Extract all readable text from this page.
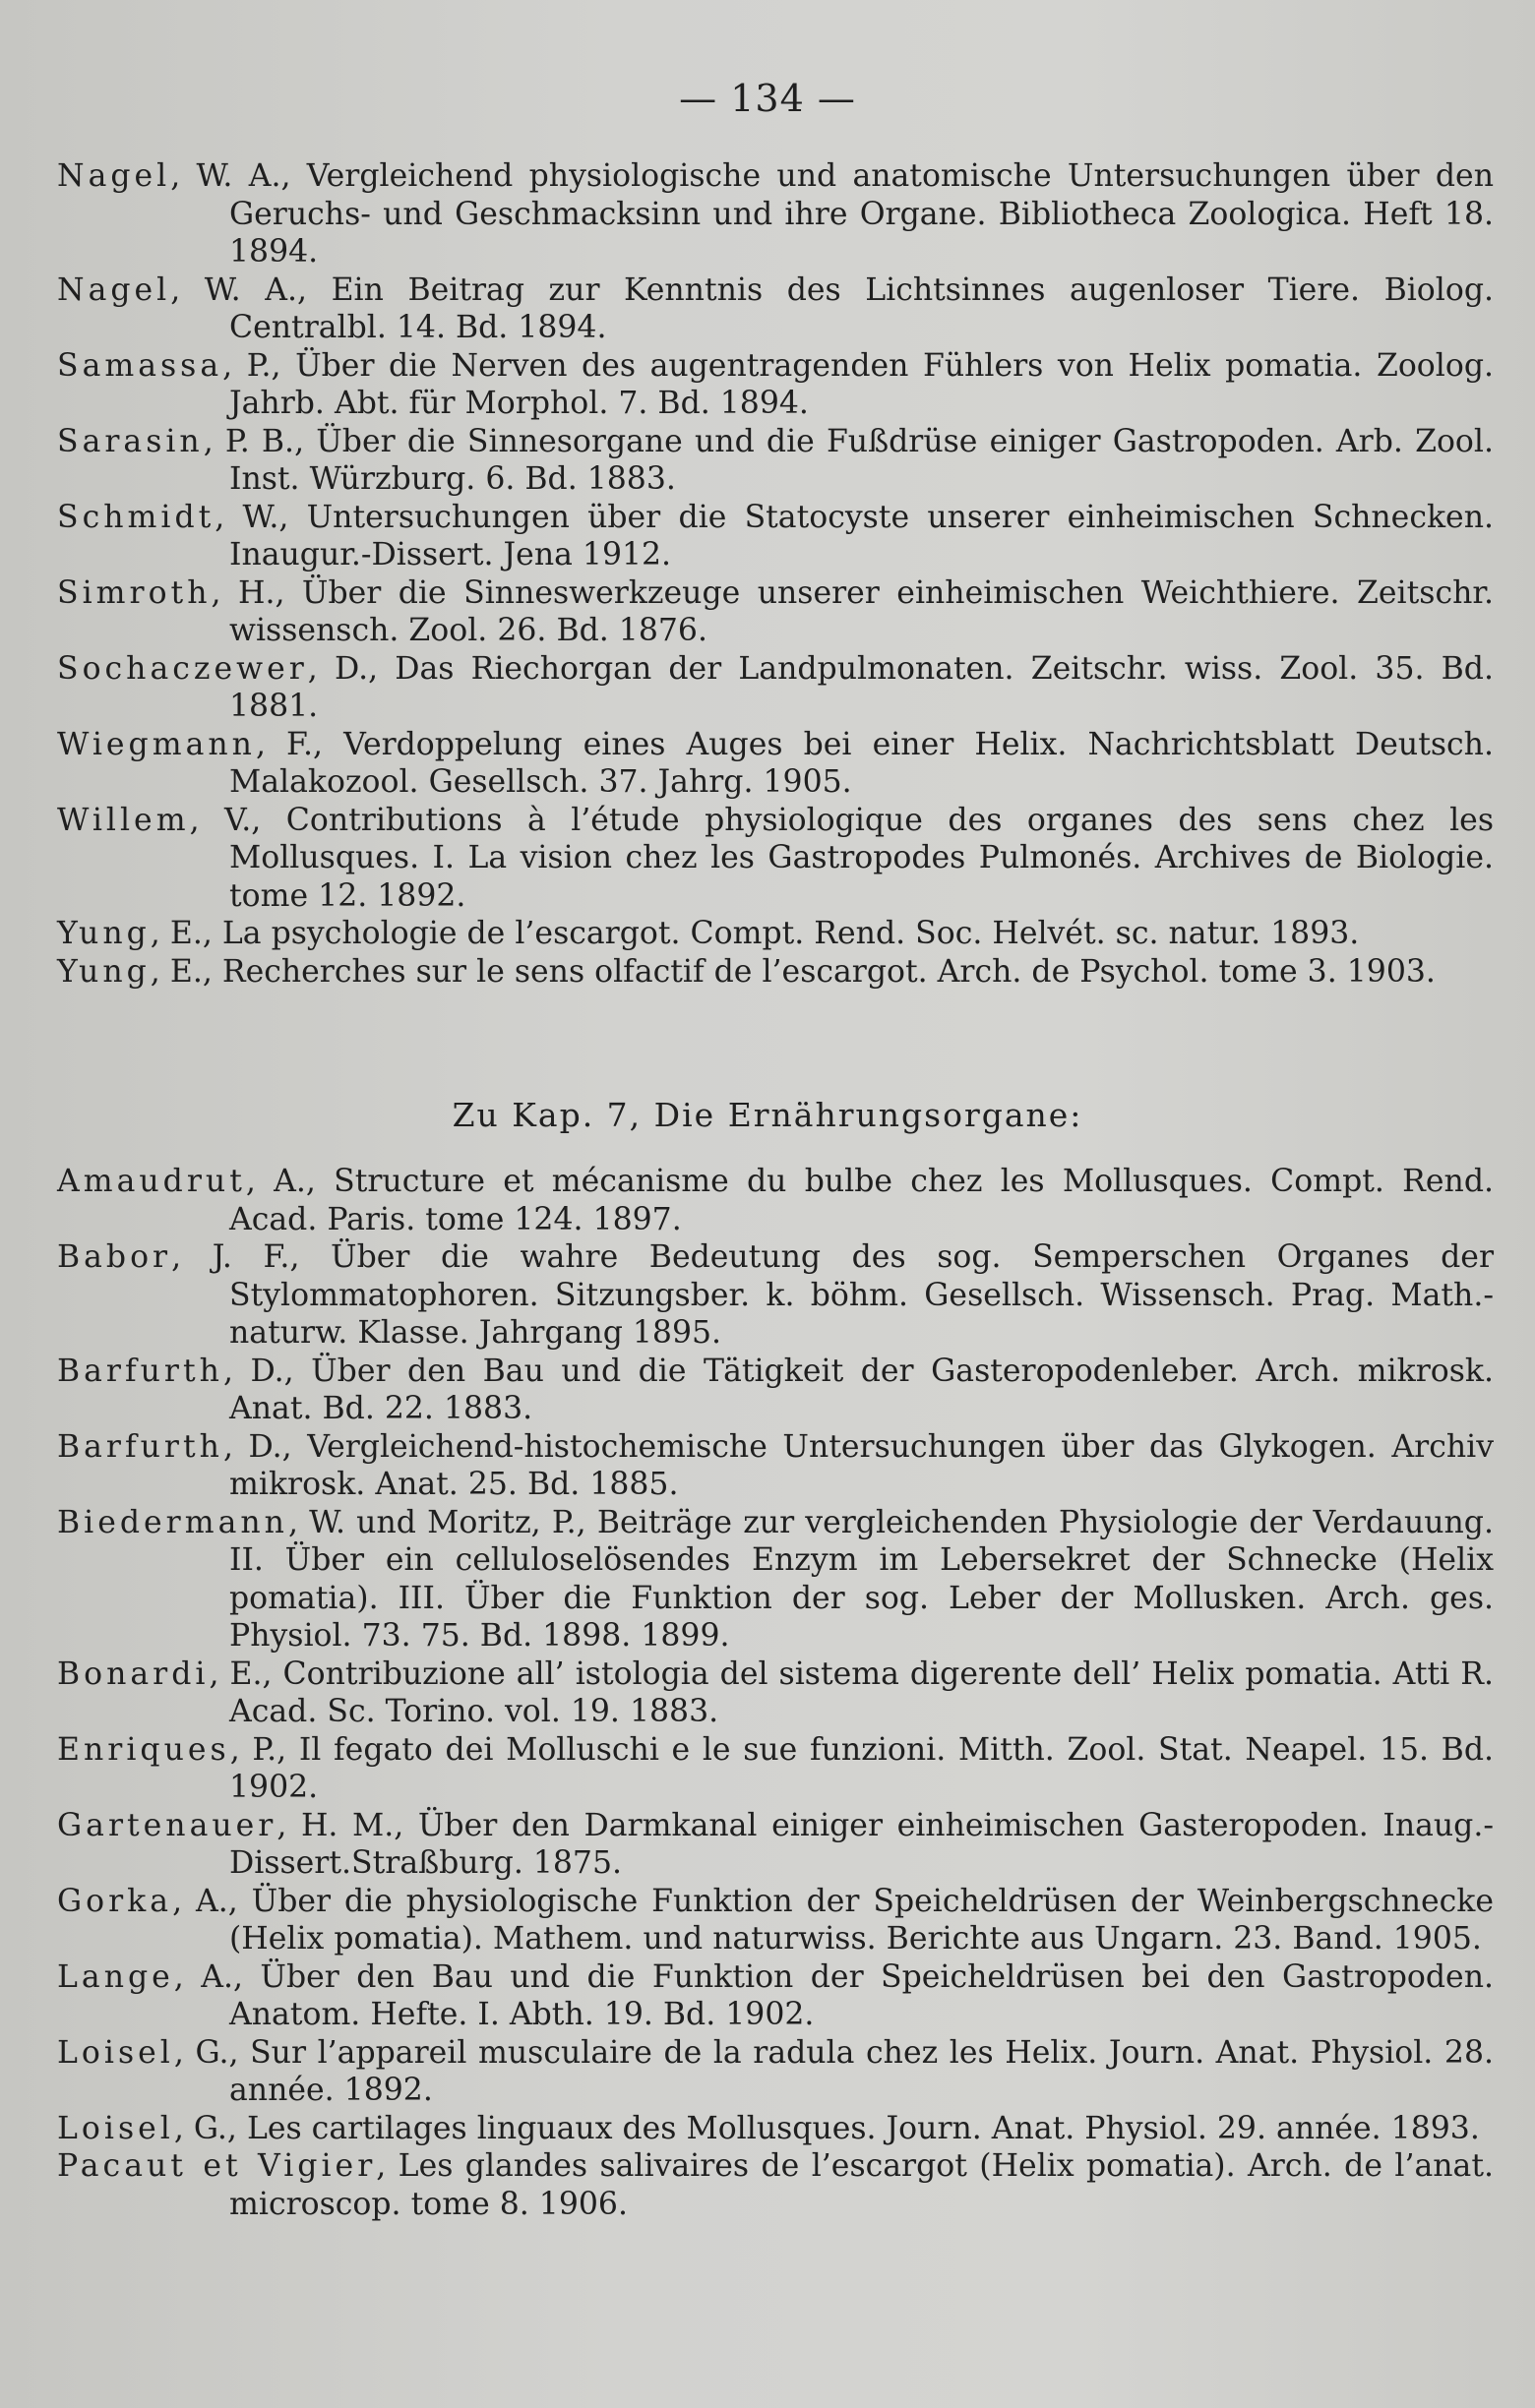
— 134 —

Nagel, W. A., Vergleichend physiologische und anatomische Untersuchungen über den Geruchs- und Geschmacksinn und ihre Organe. Bibliotheca Zoologica. Heft 18. 1894.

Nagel, W. A., Ein Beitrag zur Kenntnis des Lichtsinnes augenloser Tiere. Biolog. Centralbl. 14. Bd. 1894.

Samassa, P., Über die Nerven des augentragenden Fühlers von Helix pomatia. Zoolog. Jahrb. Abt. für Morphol. 7. Bd. 1894.

Sarasin, P. B., Über die Sinnesorgane und die Fußdrüse einiger Gastropoden. Arb. Zool. Inst. Würzburg. 6. Bd. 1883.

Schmidt, W., Untersuchungen über die Statocyste unserer einheimischen Schnecken. Inaugur.-Dissert. Jena 1912.

Simroth, H., Über die Sinneswerkzeuge unserer einheimischen Weichthiere. Zeitschr. wissensch. Zool. 26. Bd. 1876.

Sochaczewer, D., Das Riechorgan der Landpulmonaten. Zeitschr. wiss. Zool. 35. Bd. 1881.

Wiegmann, F., Verdoppelung eines Auges bei einer Helix. Nachrichtsblatt Deutsch. Malakozool. Gesellsch. 37. Jahrg. 1905.

Willem, V., Contributions à l’étude physiologique des organes des sens chez les Mollusques. I. La vision chez les Gastropodes Pulmonés. Archives de Biologie. tome 12. 1892.

Yung, E., La psychologie de l’escargot. Compt. Rend. Soc. Helvét. sc. natur. 1893.

Yung, E., Recherches sur le sens olfactif de l’escargot. Arch. de Psychol. tome 3. 1903.

Zu Kap. 7, Die Ernährungsorgane:

Amaudrut, A., Structure et mécanisme du bulbe chez les Mollusques. Compt. Rend. Acad. Paris. tome 124. 1897.

Babor, J. F., Über die wahre Bedeutung des sog. Semperschen Organes der Stylommatophoren. Sitzungsber. k. böhm. Gesellsch. Wissensch. Prag. Math.-naturw. Klasse. Jahrgang 1895.

Barfurth, D., Über den Bau und die Tätigkeit der Gasteropodenleber. Arch. mikrosk. Anat. Bd. 22. 1883.

Barfurth, D., Vergleichend-histochemische Untersuchungen über das Glykogen. Archiv mikrosk. Anat. 25. Bd. 1885.

Biedermann, W. und Moritz, P., Beiträge zur vergleichenden Physiologie der Verdauung. II. Über ein celluloselösendes Enzym im Lebersekret der Schnecke (Helix pomatia). III. Über die Funktion der sog. Leber der Mollusken. Arch. ges. Physiol. 73. 75. Bd. 1898. 1899.

Bonardi, E., Contribuzione all’ istologia del sistema digerente dell’ Helix pomatia. Atti R. Acad. Sc. Torino. vol. 19. 1883.

Enriques, P., Il fegato dei Molluschi e le sue funzioni. Mitth. Zool. Stat. Neapel. 15. Bd. 1902.

Gartenauer, H. M., Über den Darmkanal einiger einheimischen Gasteropoden. Inaug.-Dissert.Straßburg. 1875.

Gorka, A., Über die physiologische Funktion der Speicheldrüsen der Weinbergschnecke (Helix pomatia). Mathem. und naturwiss. Berichte aus Ungarn. 23. Band. 1905.

Lange, A., Über den Bau und die Funktion der Speicheldrüsen bei den Gastropoden. Anatom. Hefte. I. Abth. 19. Bd. 1902.

Loisel, G., Sur l’appareil musculaire de la radula chez les Helix. Journ. Anat. Physiol. 28. année. 1892.

Loisel, G., Les cartilages linguaux des Mollusques. Journ. Anat. Physiol. 29. année. 1893.

Pacaut et Vigier, Les glandes salivaires de l’escargot (Helix pomatia). Arch. de l’anat. microscop. tome 8. 1906.
